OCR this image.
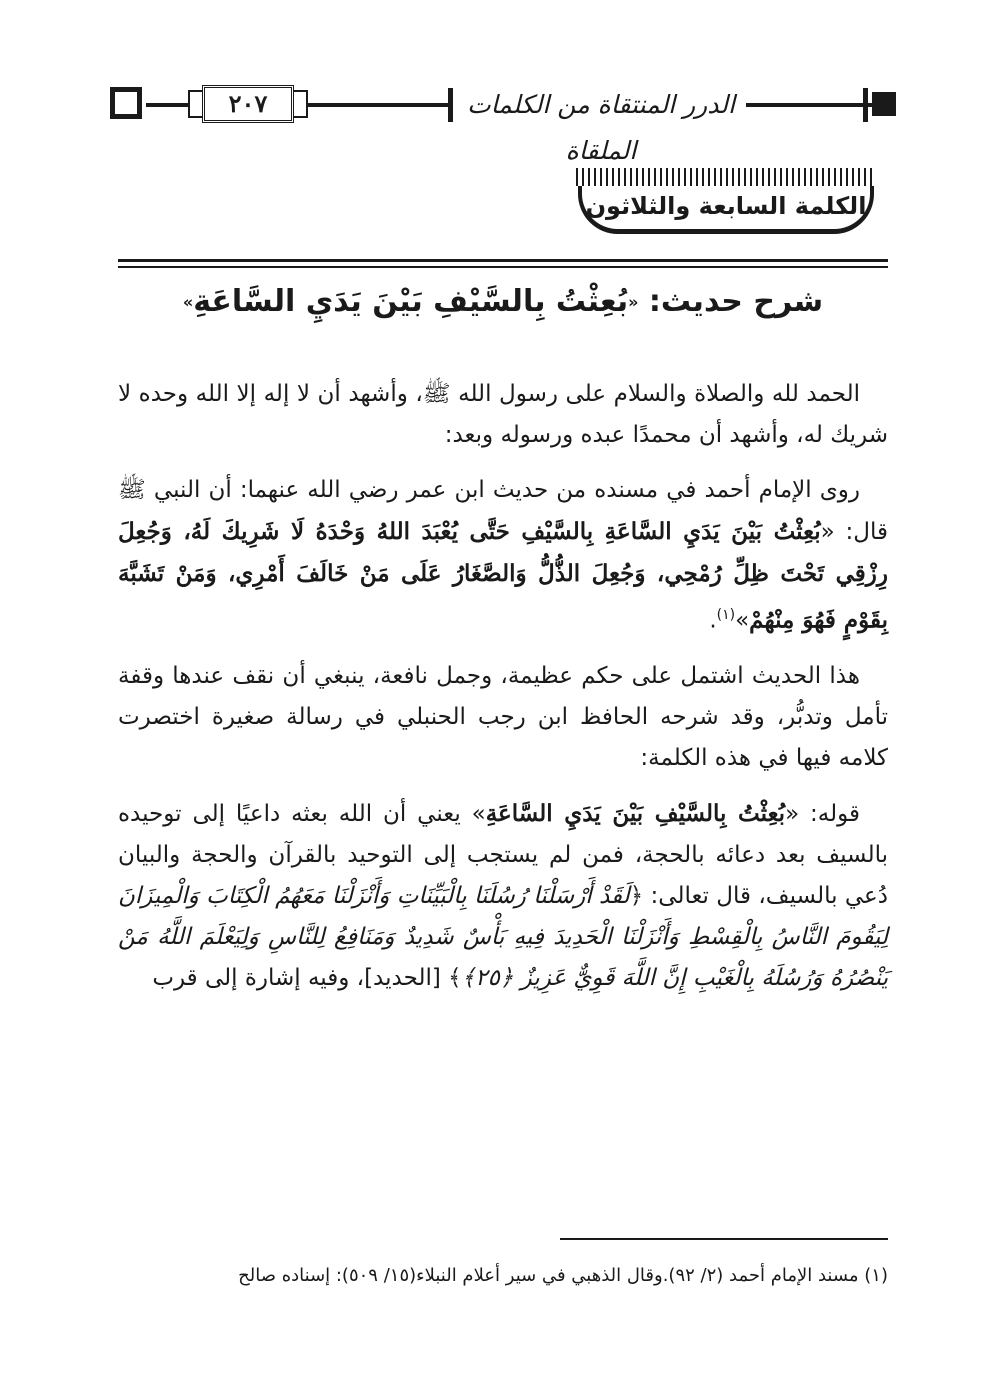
٢٠٧	الدرر المنتقاة من الكلمات الملقاة
الكلمة السابعة والثلاثون
شرح حديث: «بُعِثْتُ بِالسَّيْفِ بَيْنَ يَدَيِ السَّاعَةِ»

الحمد لله والصلاة والسلام على رسول الله ﷺ، وأشهد أن لا إله إلا الله وحده لا شريك له، وأشهد أن محمدًا عبده ورسوله وبعد:

روى الإمام أحمد في مسنده من حديث ابن عمر رضي الله عنهما: أن النبي ﷺ قال: «بُعِثْتُ بَيْنَ يَدَيِ السَّاعَةِ بِالسَّيْفِ حَتَّى يُعْبَدَ اللهُ وَحْدَهُ لَا شَرِيكَ لَهُ، وَجُعِلَ رِزْقِي تَحْتَ ظِلِّ رُمْحِي، وَجُعِلَ الذُّلُّ وَالصَّغَارُ عَلَى مَنْ خَالَفَ أَمْرِي، وَمَنْ تَشَبَّهَ بِقَوْمٍ فَهُوَ مِنْهُمْ»$^{(١)}$.

هذا الحديث اشتمل على حكم عظيمة، وجمل نافعة، ينبغي أن نقف عندها وقفة تأمل وتدبُّر، وقد شرحه الحافظ ابن رجب الحنبلي في رسالة صغيرة اختصرت كلامه فيها في هذه الكلمة:

قوله: «بُعِثْتُ بِالسَّيْفِ بَيْنَ يَدَيِ السَّاعَةِ» يعني أن الله بعثه داعيًا إلى توحيده بالسيف بعد دعائه بالحجة، فمن لم يستجب إلى التوحيد بالقرآن والحجة والبيان دُعي بالسيف، قال تعالى: ﴿لَقَدْ أَرْسَلْنَا رُسُلَنَا بِالْبَيِّنَاتِ وَأَنْزَلْنَا مَعَهُمُ الْكِتَابَ وَالْمِيزَانَ لِيَقُومَ النَّاسُ بِالْقِسْطِ وَأَنْزَلْنَا الْحَدِيدَ فِيهِ بَأْسٌ شَدِيدٌ وَمَنَافِعُ لِلنَّاسِ وَلِيَعْلَمَ اللَّهُ مَنْ يَنْصُرُهُ وَرُسُلَهُ بِالْغَيْبِ إِنَّ اللَّهَ قَوِيٌّ عَزِيزٌ ﴿٢٥﴾﴾ [الحديد]، وفيه إشارة إلى قرب

(١) مسند الإمام أحمد (٢/ ٩٢).وقال الذهبي في سير أعلام النبلاء(١٥/ ٥٠٩): إسناده صالح
